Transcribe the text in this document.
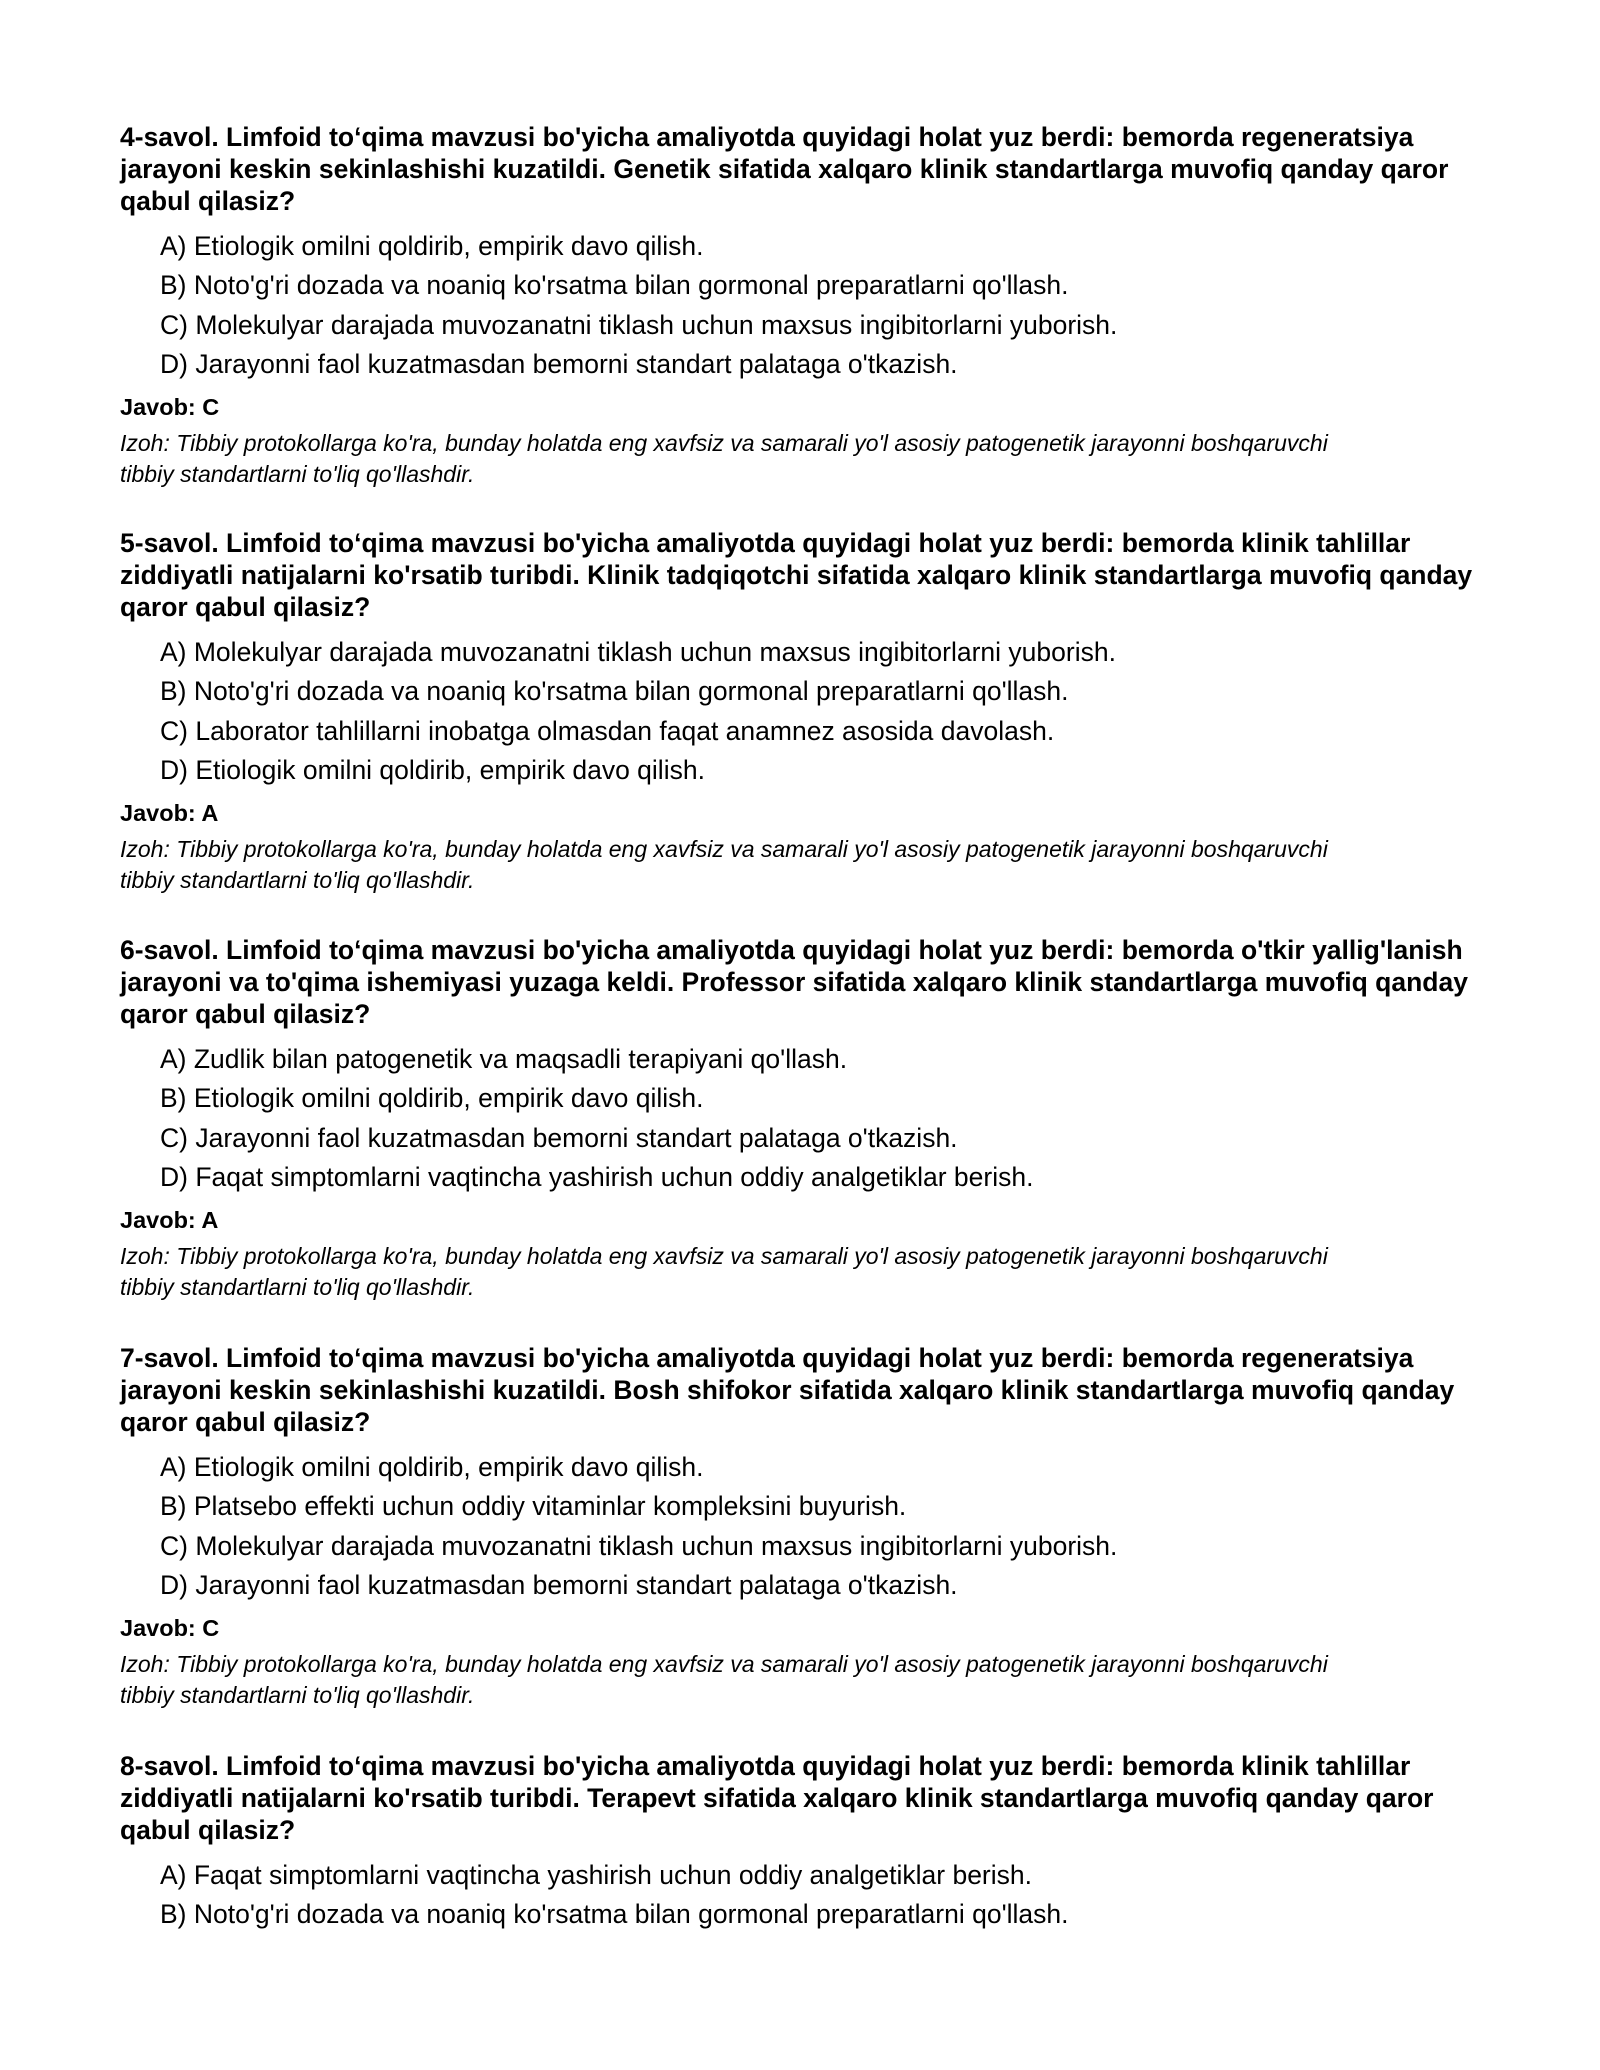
4-savol. Limfoid to‘qima mavzusi bo'yicha amaliyotda quyidagi holat yuz berdi: bemorda regeneratsiya jarayoni keskin sekinlashishi kuzatildi. Genetik sifatida xalqaro klinik standartlarga muvofiq qanday qaror qabul qilasiz?

A) Etiologik omilni qoldirib, empirik davo qilish.
B) Noto'g'ri dozada va noaniq ko'rsatma bilan gormonal preparatlarni qo'llash.
C) Molekulyar darajada muvozanatni tiklash uchun maxsus ingibitorlarni yuborish.
D) Jarayonni faol kuzatmasdan bemorni standart palataga o'tkazish.
Javob: C
Izoh: Tibbiy protokollarga ko'ra, bunday holatda eng xavfsiz va samarali yo'l asosiy patogenetik jarayonni boshqaruvchi tibbiy standartlarni to'liq qo'llashdir.

5-savol. Limfoid to‘qima mavzusi bo'yicha amaliyotda quyidagi holat yuz berdi: bemorda klinik tahlillar ziddiyatli natijalarni ko'rsatib turibdi. Klinik tadqiqotchi sifatida xalqaro klinik standartlarga muvofiq qanday qaror qabul qilasiz?

A) Molekulyar darajada muvozanatni tiklash uchun maxsus ingibitorlarni yuborish.
B) Noto'g'ri dozada va noaniq ko'rsatma bilan gormonal preparatlarni qo'llash.
C) Laborator tahlillarni inobatga olmasdan faqat anamnez asosida davolash.
D) Etiologik omilni qoldirib, empirik davo qilish.
Javob: A
Izoh: Tibbiy protokollarga ko'ra, bunday holatda eng xavfsiz va samarali yo'l asosiy patogenetik jarayonni boshqaruvchi tibbiy standartlarni to'liq qo'llashdir.

6-savol. Limfoid to‘qima mavzusi bo'yicha amaliyotda quyidagi holat yuz berdi: bemorda o'tkir yallig'lanish jarayoni va to'qima ishemiyasi yuzaga keldi. Professor sifatida xalqaro klinik standartlarga muvofiq qanday qaror qabul qilasiz?

A) Zudlik bilan patogenetik va maqsadli terapiyani qo'llash.
B) Etiologik omilni qoldirib, empirik davo qilish.
C) Jarayonni faol kuzatmasdan bemorni standart palataga o'tkazish.
D) Faqat simptomlarni vaqtincha yashirish uchun oddiy analgetiklar berish.
Javob: A
Izoh: Tibbiy protokollarga ko'ra, bunday holatda eng xavfsiz va samarali yo'l asosiy patogenetik jarayonni boshqaruvchi tibbiy standartlarni to'liq qo'llashdir.

7-savol. Limfoid to‘qima mavzusi bo'yicha amaliyotda quyidagi holat yuz berdi: bemorda regeneratsiya jarayoni keskin sekinlashishi kuzatildi. Bosh shifokor sifatida xalqaro klinik standartlarga muvofiq qanday qaror qabul qilasiz?

A) Etiologik omilni qoldirib, empirik davo qilish.
B) Platsebo effekti uchun oddiy vitaminlar kompleksini buyurish.
C) Molekulyar darajada muvozanatni tiklash uchun maxsus ingibitorlarni yuborish.
D) Jarayonni faol kuzatmasdan bemorni standart palataga o'tkazish.
Javob: C
Izoh: Tibbiy protokollarga ko'ra, bunday holatda eng xavfsiz va samarali yo'l asosiy patogenetik jarayonni boshqaruvchi tibbiy standartlarni to'liq qo'llashdir.

8-savol. Limfoid to‘qima mavzusi bo'yicha amaliyotda quyidagi holat yuz berdi: bemorda klinik tahlillar ziddiyatli natijalarni ko'rsatib turibdi. Terapevt sifatida xalqaro klinik standartlarga muvofiq qanday qaror qabul qilasiz?

A) Faqat simptomlarni vaqtincha yashirish uchun oddiy analgetiklar berish.
B) Noto'g'ri dozada va noaniq ko'rsatma bilan gormonal preparatlarni qo'llash.
